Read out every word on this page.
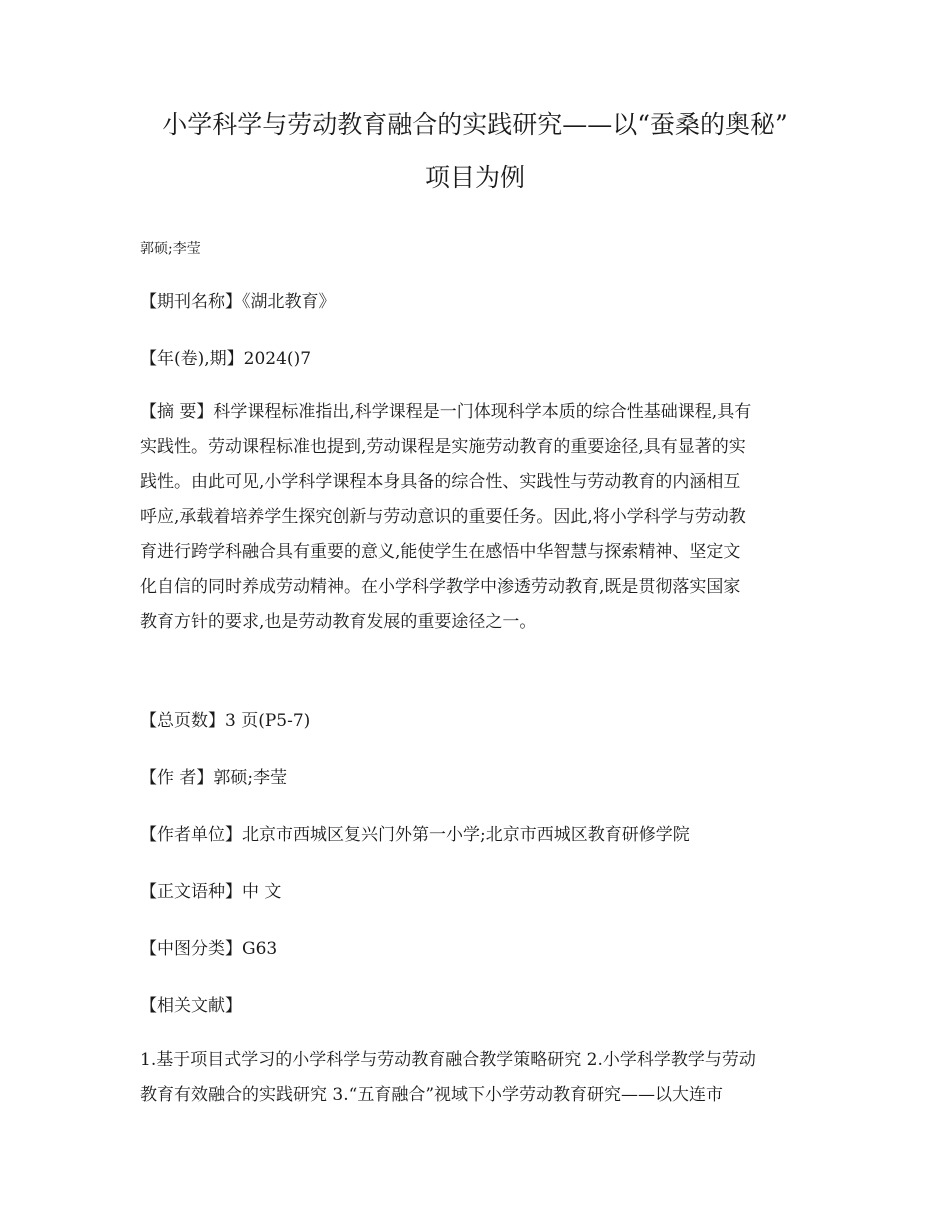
小学科学与劳动教育融合的实践研究——以“蚕桑的奥秘”
项目为例

郭硕;李莹

【期刊名称】《湖北教育》

【年(卷),期】2024()7

【摘 要】科学课程标准指出,科学课程是一门体现科学本质的综合性基础课程,具有
实践性。劳动课程标准也提到,劳动课程是实施劳动教育的重要途径,具有显著的实
践性。由此可见,小学科学课程本身具备的综合性、实践性与劳动教育的内涵相互
呼应,承载着培养学生探究创新与劳动意识的重要任务。因此,将小学科学与劳动教
育进行跨学科融合具有重要的意义,能使学生在感悟中华智慧与探索精神、坚定文
化自信的同时养成劳动精神。在小学科学教学中渗透劳动教育,既是贯彻落实国家
教育方针的要求,也是劳动教育发展的重要途径之一。

【总页数】3 页(P5-7)

【作 者】郭硕;李莹

【作者单位】北京市西城区复兴门外第一小学;北京市西城区教育研修学院

【正文语种】中 文

【中图分类】G63

【相关文献】

1.基于项目式学习的小学科学与劳动教育融合教学策略研究 2.小学科学教学与劳动
教育有效融合的实践研究 3.“五育融合”视域下小学劳动教育研究——以大连市
